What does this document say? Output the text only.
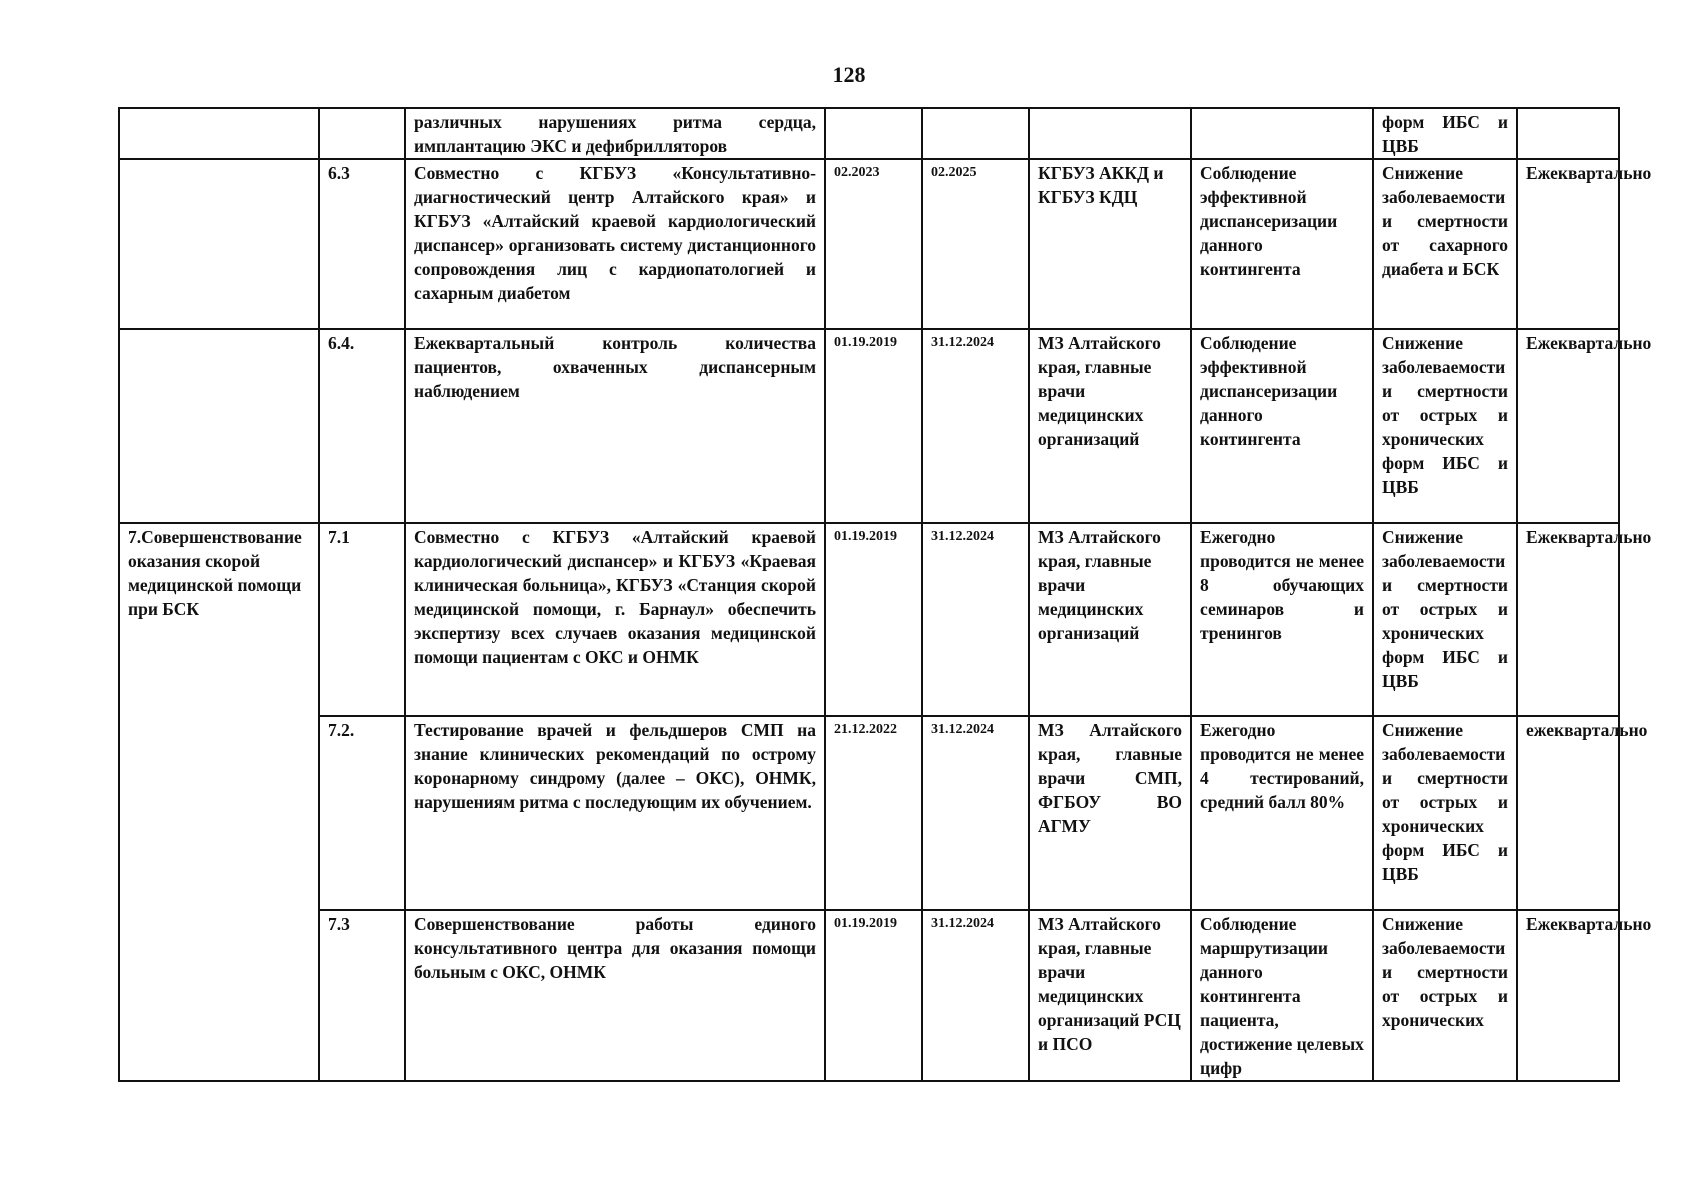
128
		различных нарушениях ритма сердца, имплантацию ЭКС и дефибрилляторов					форм ИБС и ЦВБ	
	6.3	Совместно с КГБУЗ «Консультативно-диагностический центр Алтайского края» и КГБУЗ «Алтайский краевой кардиологический диспансер» организовать систему дистанционного сопровождения лиц с кардиопатологией и сахарным диабетом	02.2023	02.2025	КГБУЗ АККД и КГБУЗ КДЦ	Соблюдение эффективной диспансеризации данного контингента	Снижение заболеваемости и смертности от сахарного диабета и БСК	Ежеквартально
	6.4.	Ежеквартальный контроль количества пациентов, охваченных диспансерным наблюдением	01.19.2019	31.12.2024	МЗ Алтайского края, главные врачи медицинских организаций	Соблюдение эффективной диспансеризации данного контингента	Снижение заболеваемости и смертности от острых и хронических форм ИБС и ЦВБ	Ежеквартально
7.Совершенствование оказания скорой медицинской помощи при БСК	7.1	Совместно с КГБУЗ «Алтайский краевой кардиологический диспансер» и КГБУЗ «Краевая клиническая больница», КГБУЗ «Станция скорой медицинской помощи, г. Барнаул» обеспечить экспертизу всех случаев оказания медицинской помощи пациентам с ОКС и ОНМК	01.19.2019	31.12.2024	МЗ Алтайского края, главные врачи медицинских организаций	Ежегодно проводится не менее 8 обучающих семинаров и тренингов	Снижение заболеваемости и смертности от острых и хронических форм ИБС и ЦВБ	Ежеквартально
	7.2.	Тестирование врачей и фельдшеров СМП на знание клинических рекомендаций по острому коронарному синдрому (далее – ОКС), ОНМК, нарушениям ритма с последующим их обучением.	21.12.2022	31.12.2024	МЗ Алтайского края, главные врачи СМП, ФГБОУ ВО АГМУ	Ежегодно проводится не менее 4 тестирований, средний балл 80%	Снижение заболеваемости и смертности от острых и хронических форм ИБС и ЦВБ	ежеквартально
	7.3	Совершенствование работы единого консультативного центра для оказания помощи больным с ОКС, ОНМК	01.19.2019	31.12.2024	МЗ Алтайского края, главные врачи медицинских организаций РСЦ и ПСО	Соблюдение маршрутизации данного контингента пациента, достижение целевых цифр	Снижение заболеваемости и смертности от острых и хронических	Ежеквартально
